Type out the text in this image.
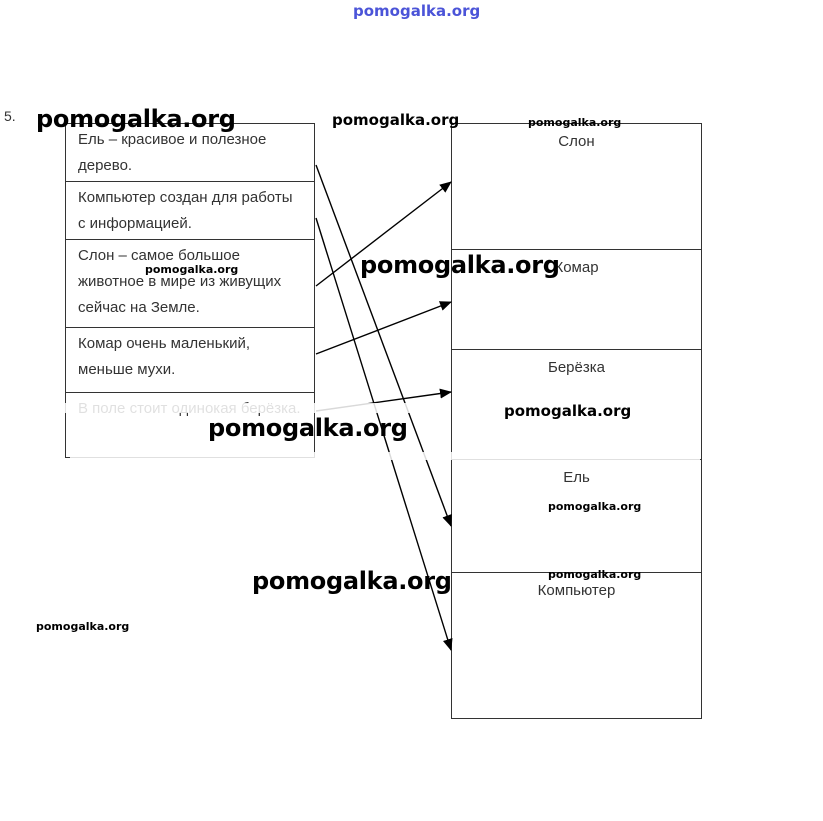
pomogalka.org
5.
Ель – красивое и полезное дерево.
Компьютер создан для работы с информацией.
Слон – самое большое животное в мире из живущих сейчас на Земле.
Комар очень маленький, меньше мухи.
Слон
Комар
Берёзка
Ель
Компьютер
pomogalka.org	pomogalka.org	pomogalka.org
pomogalka.org	pomogalka.org
pomogalka.org
pomogalka.org
pomogalka.org
pomogalka.org
pomogalka.org
pomogalka.org
